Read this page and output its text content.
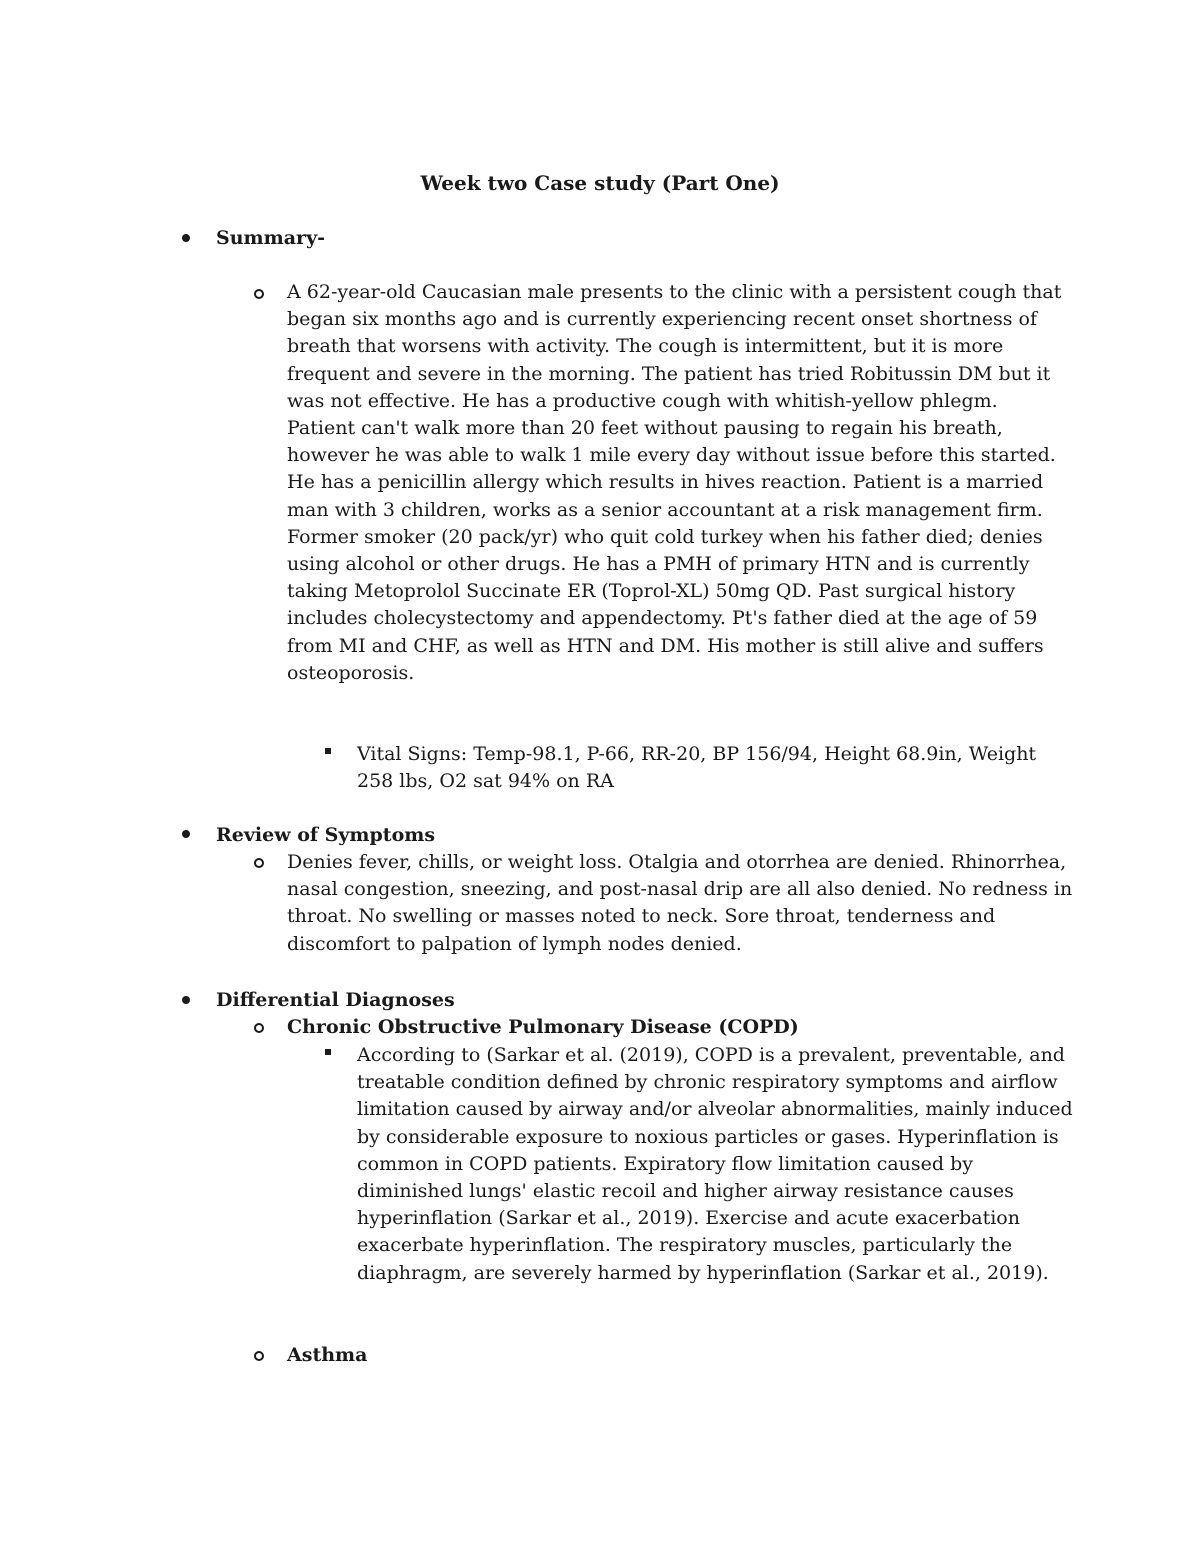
Week two Case study (Part One)
Summary-
A 62-year-old Caucasian male presents to the clinic with a persistent cough that
began six months ago and is currently experiencing recent onset shortness of
breath that worsens with activity. The cough is intermittent, but it is more
frequent and severe in the morning. The patient has tried Robitussin DM but it
was not effective. He has a productive cough with whitish-yellow phlegm.
Patient can't walk more than 20 feet without pausing to regain his breath,
however he was able to walk 1 mile every day without issue before this started.
He has a penicillin allergy which results in hives reaction. Patient is a married
man with 3 children, works as a senior accountant at a risk management firm.
Former smoker (20 pack/yr) who quit cold turkey when his father died; denies
using alcohol or other drugs. He has a PMH of primary HTN and is currently
taking Metoprolol Succinate ER (Toprol-XL) 50mg QD. Past surgical history
includes cholecystectomy and appendectomy. Pt's father died at the age of 59
from MI and CHF, as well as HTN and DM. His mother is still alive and suffers
osteoporosis.
Vital Signs: Temp-98.1, P-66, RR-20, BP 156/94, Height 68.9in, Weight
258 lbs, O2 sat 94% on RA
Review of Symptoms
Denies fever, chills, or weight loss. Otalgia and otorrhea are denied. Rhinorrhea,
nasal congestion, sneezing, and post-nasal drip are all also denied. No redness in
throat. No swelling or masses noted to neck. Sore throat, tenderness and
discomfort to palpation of lymph nodes denied.
Differential Diagnoses
Chronic Obstructive Pulmonary Disease (COPD)
According to (Sarkar et al. (2019), COPD is a prevalent, preventable, and
treatable condition defined by chronic respiratory symptoms and airflow
limitation caused by airway and/or alveolar abnormalities, mainly induced
by considerable exposure to noxious particles or gases. Hyperinflation is
common in COPD patients. Expiratory flow limitation caused by
diminished lungs' elastic recoil and higher airway resistance causes
hyperinflation (Sarkar et al., 2019). Exercise and acute exacerbation
exacerbate hyperinflation. The respiratory muscles, particularly the
diaphragm, are severely harmed by hyperinflation (Sarkar et al., 2019).
Asthma
